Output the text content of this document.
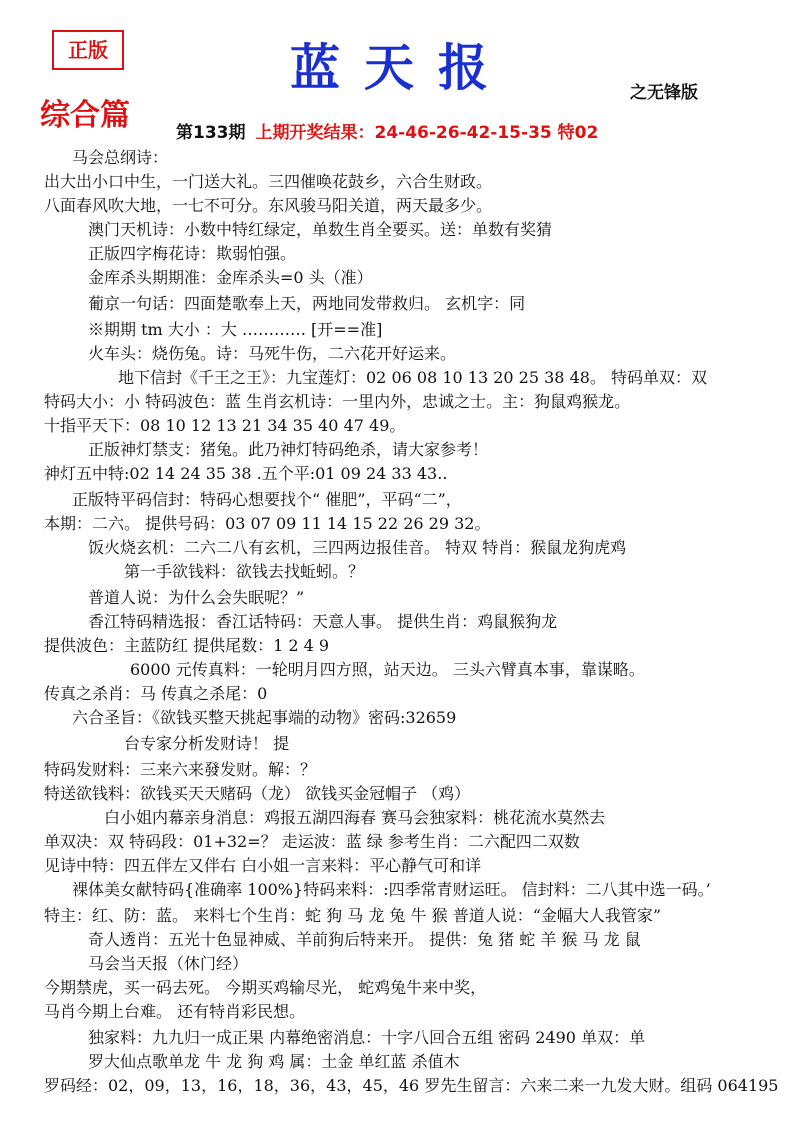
正版	蓝天报	之无锋版
综合篇	第133期 上期开奖结果：24-46-26-42-15-35 特02
马会总纲诗：
出大出小口中生，一门送大礼。三四催唤花鼓乡，六合生财政。
八面春风吹大地，一七不可分。东风骏马阳关道，两天最多少。
澳门天机诗：小数中特红绿定，单数生肖全要买。送：单数有奖猜
正版四字梅花诗：欺弱怕强。
金库杀头期期准：金库杀头=0 头（准）
葡京一句话：四面楚歌奉上天，两地同发带救归。 玄机字：同
※期期 tm 大小 ：大 ………… [开==准]
火车头：烧伤兔。诗：马死牛伤，二六花开好运来。
地下信封《千王之王》：九宝莲灯：02 06 08 10 13 20 25 38 48。 特码单双：双
特码大小：小 特码波色：蓝 生肖玄机诗：一里内外，忠诚之士。主：狗鼠鸡猴龙。
十指平天下：08 10 12 13 21 34 35 40 47 49。
正版神灯禁支：猪兔。此乃神灯特码绝杀，请大家参考！
神灯五中特:02 14 24 35 38 .五个平:01 09 24 33 43..
正版特平码信封：特码心想要找个“ 催肥”，平码“二”，
本期：二六。 提供号码：03 07 09 11 14 15 22 26 29 32。
饭火烧玄机：二六二八有玄机，三四两边报佳音。 特双 特肖：猴鼠龙狗虎鸡
第一手欲钱料：欲钱去找蚯蚓。？
普道人说：为什么会失眠呢？”
香江特码精选报：香江话特码：天意人事。 提供生肖：鸡鼠猴狗龙
提供波色：主蓝防红 提供尾数：1 2 4 9
6000 元传真料：一轮明月四方照，站天边。 三头六臂真本事，靠谋略。
传真之杀肖：马 传真之杀尾：0
六合圣旨：《欲钱买整天挑起事端的动物》密码:32659
台专家分析发财诗！ 提
特码发财料：三来六来發发财。解：？
特送欲钱料：欲钱买天天赌码（龙） 欲钱买金冠帽子 （鸡）
白小姐内幕亲身消息：鸡报五湖四海春 赛马会独家料：桃花流水莫然去
单双决：双 特码段：01+32=？ 走运波：蓝 绿 参考生肖：二六配四二双数
见诗中特：四五伴左又伴右 白小姐一言来料：平心静气可和详
裸体美女献特码{准确率 100%}特码来料：:四季常青财运旺。 信封料：二八其中选一码。’
特主：红、防：蓝。 来料七个生肖：蛇 狗 马 龙 兔 牛 猴 普道人说：“金幅大人我管家”
奇人透肖：五光十色显神威、羊前狗后特来开。 提供：兔 猪 蛇 羊 猴 马 龙 鼠
马会当天报（休门经）
今期禁虎，买一码去死。 今期买鸡输尽光， 蛇鸡兔牛来中奖，
马肖今期上台难。 还有特肖彩民想。
独家料：九九归一成正果 内幕绝密消息：十字八回合五组 密码 2490 单双：单
罗大仙点歌单龙 牛 龙 狗 鸡 属：土金 单红蓝 杀值木
罗码经：02，09，13，16，18，36，43，45，46 罗先生留言：六来二来一九发大财。组码 064195
